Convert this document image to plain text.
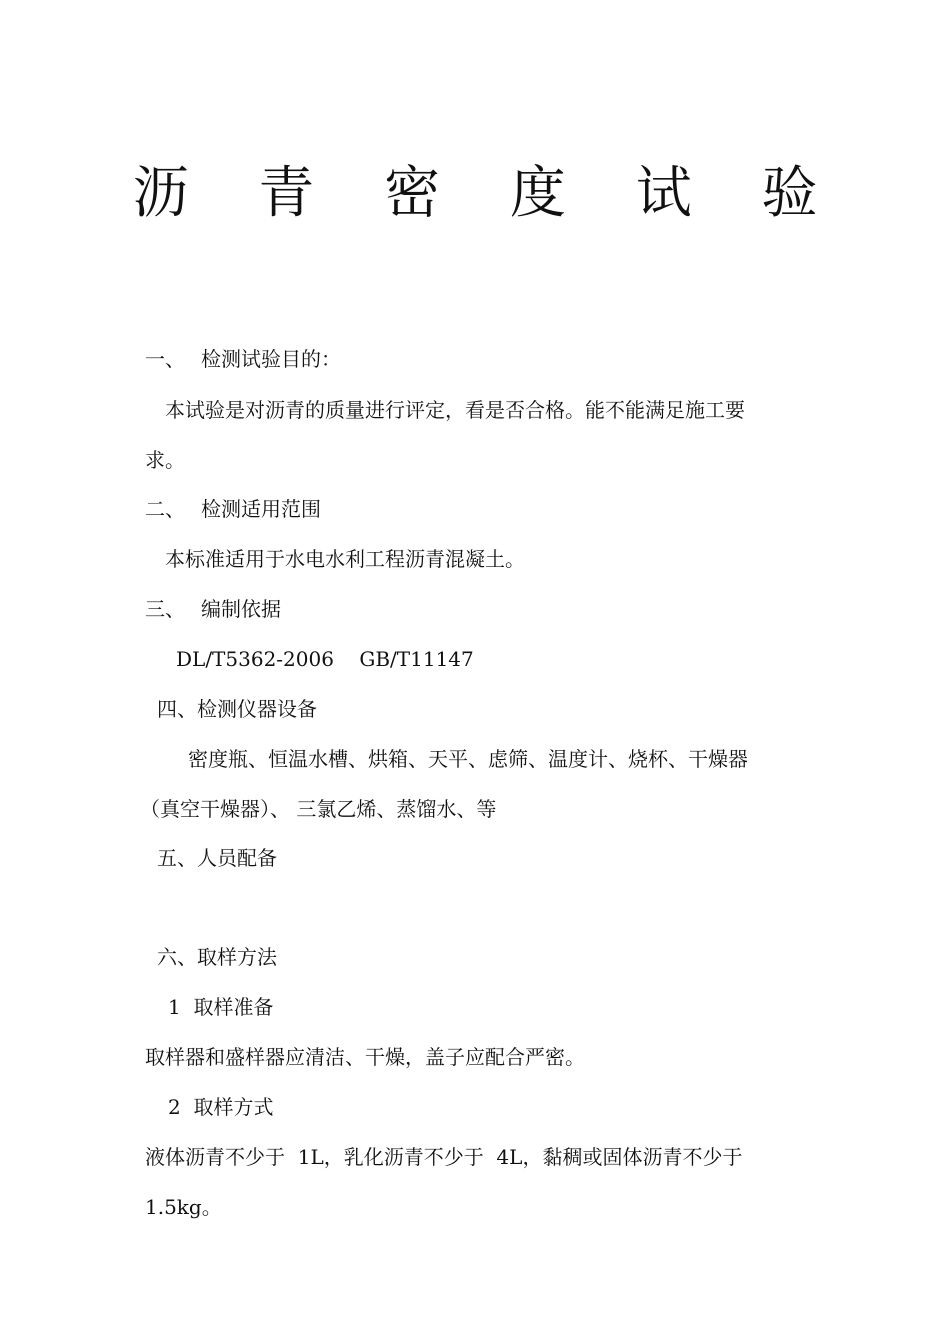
沥 青 密 度 试 验
一、 检测试验目的：
本试验是对沥青的质量进行评定，看是否合格。能不能满足施工要
求。
二、 检测适用范围
本标准适用于水电水利工程沥青混凝土。
三、 编制依据
DL/T5362-2006    GB/T11147
四、检测仪器设备
密度瓶、恒温水槽、烘箱、天平、虑筛、温度计、烧杯、干燥器
（真空干燥器）、 三氯乙烯、蒸馏水、等
五、人员配备
六、取样方法
1  取样准备
取样器和盛样器应清洁、干燥，盖子应配合严密。
2  取样方式
液体沥青不少于  1L，乳化沥青不少于  4L，黏稠或固体沥青不少于
1.5kg。
